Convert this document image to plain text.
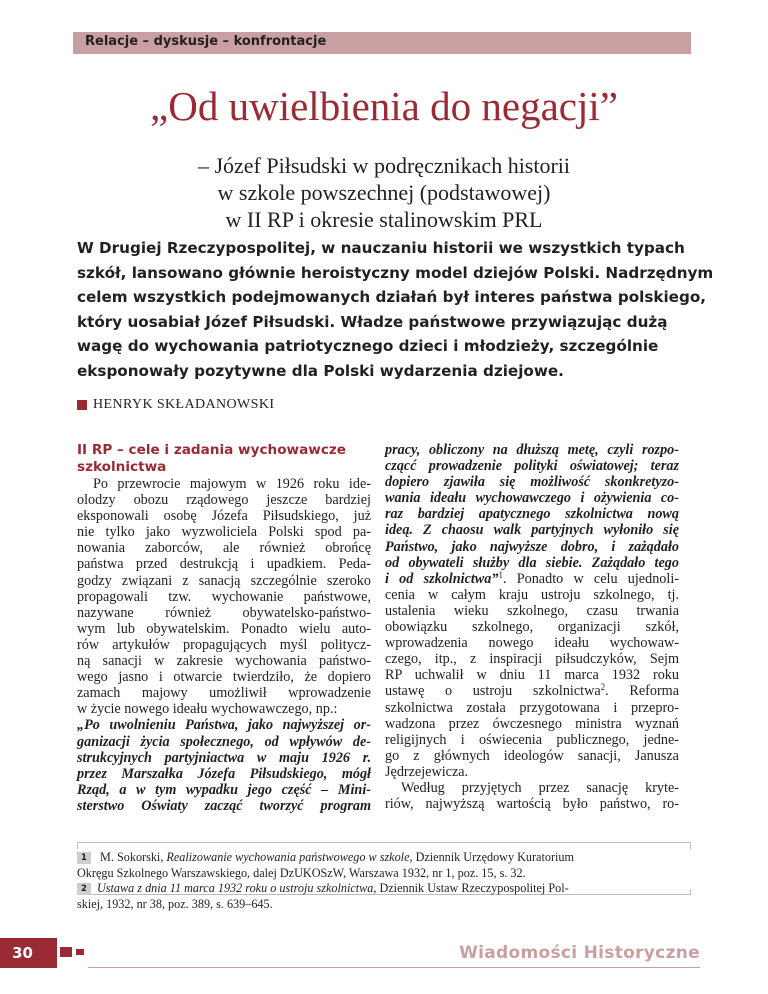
Relacje – dyskusje – konfrontacje
„Od uwielbienia do negacji”
– Józef Piłsudski w podręcznikach historii
w szkole powszechnej (podstawowej)
w II RP i okresie stalinowskim PRL
W Drugiej Rzeczypospolitej, w nauczaniu historii we wszystkich typach
szkół, lansowano głównie heroistyczny model dziejów Polski. Nadrzędnym
celem wszystkich podejmowanych działań był interes państwa polskiego,
który uosabiał Józef Piłsudski. Władze państwowe przywiązując dużą
wagę do wychowania patriotycznego dzieci i młodzieży, szczególnie
eksponowały pozytywne dla Polski wydarzenia dziejowe.
HENRYK SKŁADANOWSKI
II RP – cele i zadania wychowawcze
szkolnictwa
Po przewrocie majowym w 1926 roku ide-
olodzy obozu rządowego jeszcze bardziej
eksponowali osobę Józefa Piłsudskiego, już
nie tylko jako wyzwoliciela Polski spod pa-
nowania zaborców, ale również obrońcę
państwa przed destrukcją i upadkiem. Peda-
godzy związani z sanacją szczególnie szeroko
propagowali tzw. wychowanie państwowe,
nazywane również obywatelsko-państwo-
wym lub obywatelskim. Ponadto wielu auto-
rów artykułów propagujących myśl politycz-
ną sanacji w zakresie wychowania państwo-
wego jasno i otwarcie twierdziło, że dopiero
zamach majowy umożliwił wprowadzenie
w życie nowego ideału wychowawczego, np.:
„Po uwolnieniu Państwa, jako najwyższej or-
ganizacji życia społecznego, od wpływów de-
strukcyjnych partyjniactwa w maju 1926 r.
przez Marszałka Józefa Piłsudskiego, mógł
Rząd, a w tym wypadku jego część – Mini-
sterstwo Oświaty zacząć tworzyć program
pracy, obliczony na dłuższą metę, czyli rozpo-
czącć prowadzenie polityki oświatowej; teraz
dopiero zjawiła się możliwość skonkretyzo-
wania ideału wychowawczego i ożywienia co-
raz bardziej apatycznego szkolnictwa nową
ideą. Z chaosu walk partyjnych wyłoniło się
Państwo, jako najwyższe dobro, i zażądało
od obywateli służby dla siebie. Zażądało tego
i od szkolnictwa”$^1$. Ponadto w celu ujednoli-
cenia w całym kraju ustroju szkolnego, tj.
ustalenia wieku szkolnego, czasu trwania
obowiązku szkolnego, organizacji szkół,
wprowadzenia nowego ideału wychowaw-
czego, itp., z inspiracji piłsudczyków, Sejm
RP uchwalił w dniu 11 marca 1932 roku
ustawę o ustroju szkolnictwa$^2$. Reforma
szkolnictwa została przygotowana i przepro-
wadzona przez ówczesnego ministra wyznań
religijnych i oświecenia publicznego, jedne-
go z głównych ideologów sanacji, Janusza
Jędrzejewicza.
Według przyjętych przez sanację kryte-
riów, najwyższą wartością było państwo, ro-
1 M. Sokorski, Realizowanie wychowania państwowego w szkole, Dziennik Urzędowy Kuratorium
Okręgu Szkolnego Warszawskiego, dalej DzUKOSzW, Warszawa 1932, nr 1, poz. 15, s. 32.
2 Ustawa z dnia 11 marca 1932 roku o ustroju szkolnictwa, Dziennik Ustaw Rzeczypospolitej Pol-
skiej, 1932, nr 38, poz. 389, s. 639–645.
30	Wiadomości Historyczne
